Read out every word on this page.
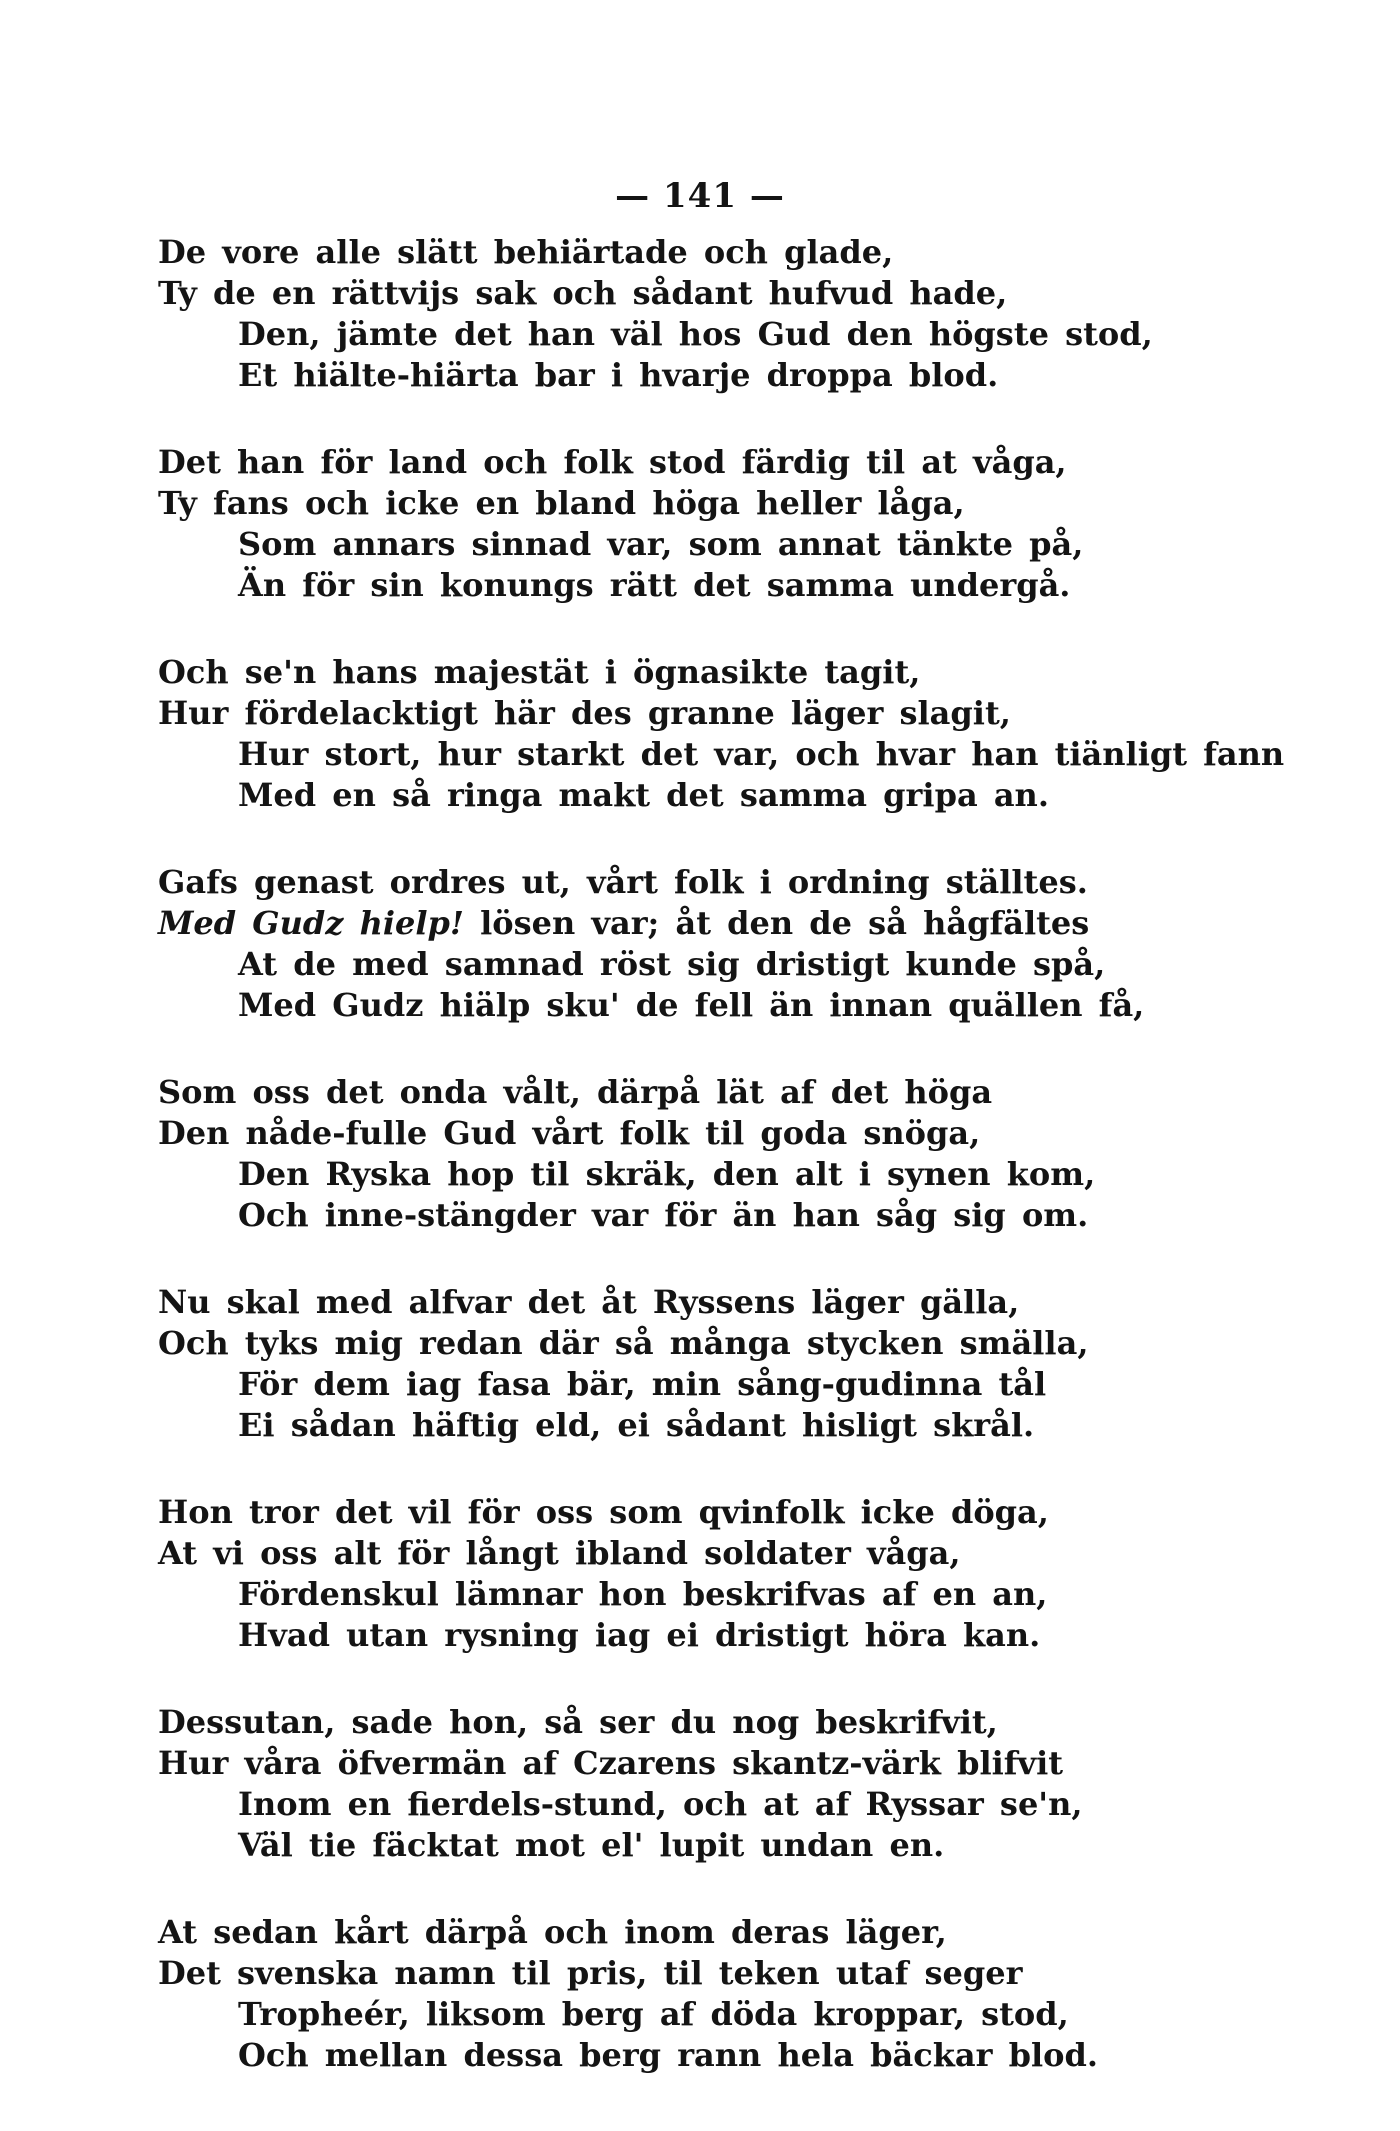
— 141 —
De vore alle slätt behiärtade och glade,
Ty de en rättvijs sak och sådant hufvud hade,
Den, jämte det han väl hos Gud den högste stod,
Et hiälte-hiärta bar i hvarje droppa blod.
Det han för land och folk stod färdig til at våga,
Ty fans och icke en bland höga heller låga,
Som annars sinnad var, som annat tänkte på,
Än för sin konungs rätt det samma undergå.
Och se'n hans majestät i ögnasikte tagit,
Hur fördelacktigt här des granne läger slagit,
Hur stort, hur starkt det var, och hvar han tiänligt fann
Med en så ringa makt det samma gripa an.
Gafs genast ordres ut, vårt folk i ordning ställtes.
Med Gudz hielp! lösen var; åt den de så hågfältes
At de med samnad röst sig dristigt kunde spå,
Med Gudz hiälp sku' de fell än innan quällen få,
Som oss det onda vålt, därpå lät af det höga
Den nåde-fulle Gud vårt folk til goda snöga,
Den Ryska hop til skräk, den alt i synen kom,
Och inne-stängder var för än han såg sig om.
Nu skal med alfvar det åt Ryssens läger gälla,
Och tyks mig redan där så många stycken smälla,
För dem iag fasa bär, min sång-gudinna tål
Ei sådan häftig eld, ei sådant hisligt skrål.
Hon tror det vil för oss som qvinfolk icke döga,
At vi oss alt för långt ibland soldater våga,
Fördenskul lämnar hon beskrifvas af en an,
Hvad utan rysning iag ei dristigt höra kan.
Dessutan, sade hon, så ser du nog beskrifvit,
Hur våra öfvermän af Czarens skantz-värk blifvit
Inom en fierdels-stund, och at af Ryssar se'n,
Väl tie fäcktat mot el' lupit undan en.
At sedan kårt därpå och inom deras läger,
Det svenska namn til pris, til teken utaf seger
Tropheér, liksom berg af döda kroppar, stod,
Och mellan dessa berg rann hela bäckar blod.
